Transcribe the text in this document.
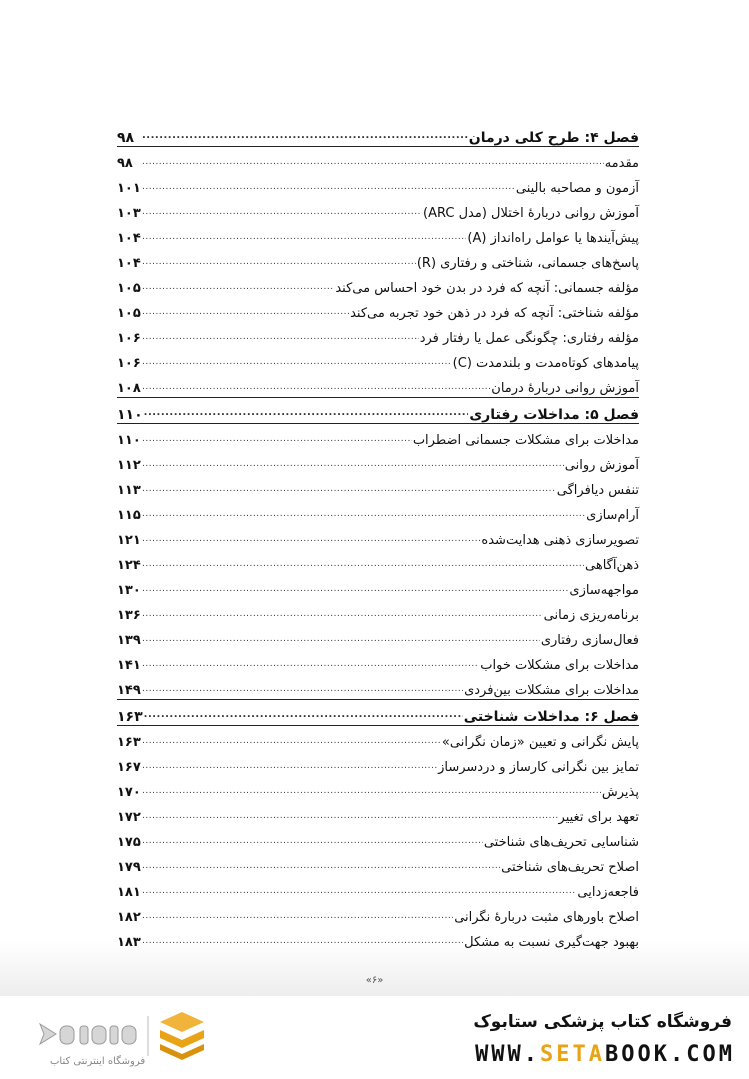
فصل ۴: طرح کلی درمان
.....
۹۸
مقدمه
.....
۹۸
آزمون و مصاحبه بالینی
.....
۱۰۱
آموزش روانی دربارهٔ اختلال (مدل ARC)
.....
۱۰۳
پیش‌آیندها یا عوامل راه‌انداز (A)
.....
۱۰۴
پاسخ‌های جسمانی، شناختی و رفتاری (R)
.....
۱۰۴
مؤلفه جسمانی: آنچه که فرد در بدن خود احساس می‌کند
.....
۱۰۵
مؤلفه شناختی: آنچه که فرد در ذهن خود تجربه می‌کند
.....
۱۰۵
مؤلفه رفتاری: چگونگی عمل یا رفتار فرد
.....
۱۰۶
پیامدهای کوتاه‌مدت و بلندمدت (C)
.....
۱۰۶
آموزش روانی دربارهٔ درمان
.....
۱۰۸
فصل ۵: مداخلات رفتاری
.....
۱۱۰
مداخلات برای مشکلات جسمانی اضطراب
.....
۱۱۰
آموزش روانی
.....
۱۱۲
تنفس دیافراگی
.....
۱۱۳
آرام‌سازی
.....
۱۱۵
تصویرسازی ذهنی هدایت‌شده
.....
۱۲۱
ذهن‌آگاهی
.....
۱۲۴
مواجهه‌سازی
.....
۱۳۰
برنامه‌ریزی زمانی
.....
۱۳۶
فعال‌سازی رفتاری
.....
۱۳۹
مداخلات برای مشکلات خواب
.....
۱۴۱
مداخلات برای مشکلات بین‌فردی
.....
۱۴۹
فصل ۶: مداخلات شناختی
.....
۱۶۳
پایش نگرانی و تعیین «زمان نگرانی»
.....
۱۶۳
تمایز بین نگرانی کارساز و دردسرساز
.....
۱۶۷
پذیرش
.....
۱۷۰
تعهد برای تغییر
.....
۱۷۲
شناسایی تحریف‌های شناختی
.....
۱۷۵
اصلاح تحریف‌های شناختی
.....
۱۷۹
فاجعه‌زدایی
.....
۱۸۱
اصلاح باورهای مثبت دربارهٔ نگرانی
.....
۱۸۲
بهبود جهت‌گیری نسبت به مشکل
.....
۱۸۳
«۶»
فروشگاه کتاب پزشکی ستابوک
WWW.SETABOOK.COM
فروشگاه اینترنتی کتاب
